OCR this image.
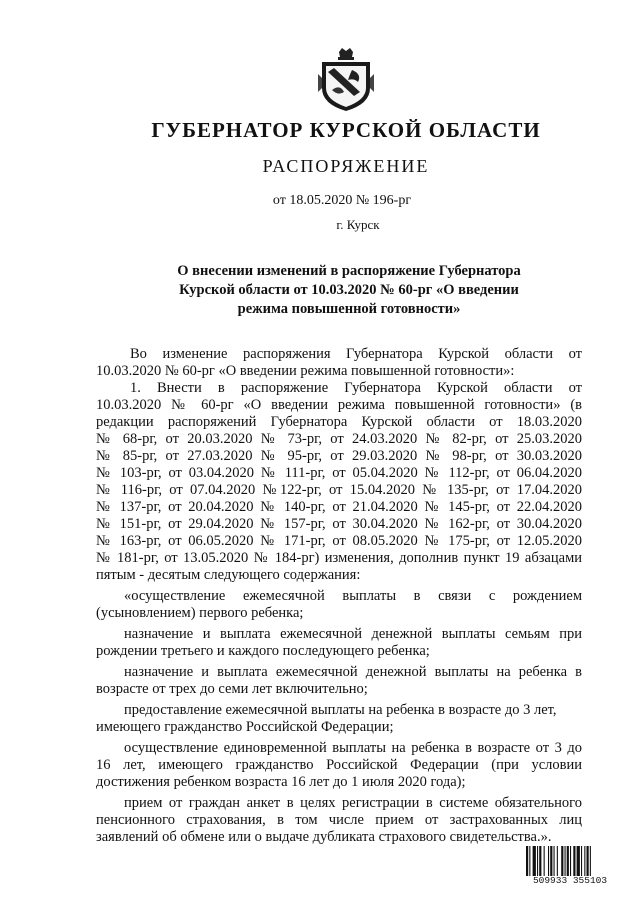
ГУБЕРНАТОР КУРСКОЙ ОБЛАСТИ
РАСПОРЯЖЕНИЕ
от 18.05.2020 № 196-рг
г. Курск
О внесении изменений в распоряжение Губернатора
Курской области от 10.03.2020 № 60-рг «О введении
режима повышенной готовности»
Во изменение распоряжения Губернатора Курской области от
10.03.2020 № 60-рг «О введении режима повышенной готовности»:
1. Внести в распоряжение Губернатора Курской области от
10.03.2020 № 60-рг «О введении режима повышенной готовности» (в
редакции распоряжений Губернатора Курской области от 18.03.2020
№ 68-рг, от 20.03.2020 № 73-рг, от 24.03.2020 № 82-рг, от 25.03.2020
№ 85-рг, от 27.03.2020 № 95-рг, от 29.03.2020 № 98-рг, от 30.03.2020
№ 103-рг, от 03.04.2020 № 111-рг, от 05.04.2020 № 112-рг, от 06.04.2020
№ 116-рг, от 07.04.2020 №122-рг, от 15.04.2020 № 135-рг, от 17.04.2020
№ 137-рг, от 20.04.2020 № 140-рг, от 21.04.2020 № 145-рг, от 22.04.2020
№ 151-рг, от 29.04.2020 № 157-рг, от 30.04.2020 № 162-рг, от 30.04.2020
№ 163-рг, от 06.05.2020 № 171-рг, от 08.05.2020 № 175-рг, от 12.05.2020
№ 181-рг, от 13.05.2020 № 184-рг) изменения, дополнив пункт 19 абзацами
пятым - десятым следующего содержания:
«осуществление ежемесячной выплаты в связи с рождением
(усыновлением) первого ребенка;
назначение и выплата ежемесячной денежной выплаты семьям при
рождении третьего и каждого последующего ребенка;
назначение и выплата ежемесячной денежной выплаты на ребенка в
возрасте от трех до семи лет включительно;
предоставление ежемесячной выплаты на ребенка в возрасте до 3 лет,
имеющего гражданство Российской Федерации;
осуществление единовременной выплаты на ребенка в возрасте от 3 до
16 лет, имеющего гражданство Российской Федерации (при условии
достижения ребенком возраста 16 лет до 1 июля 2020 года);
прием от граждан анкет в целях регистрации в системе обязательного
пенсионного страхования, в том числе прием от застрахованных лиц
заявлений об обмене или о выдаче дубликата страхового свидетельства.».
509933 355103
